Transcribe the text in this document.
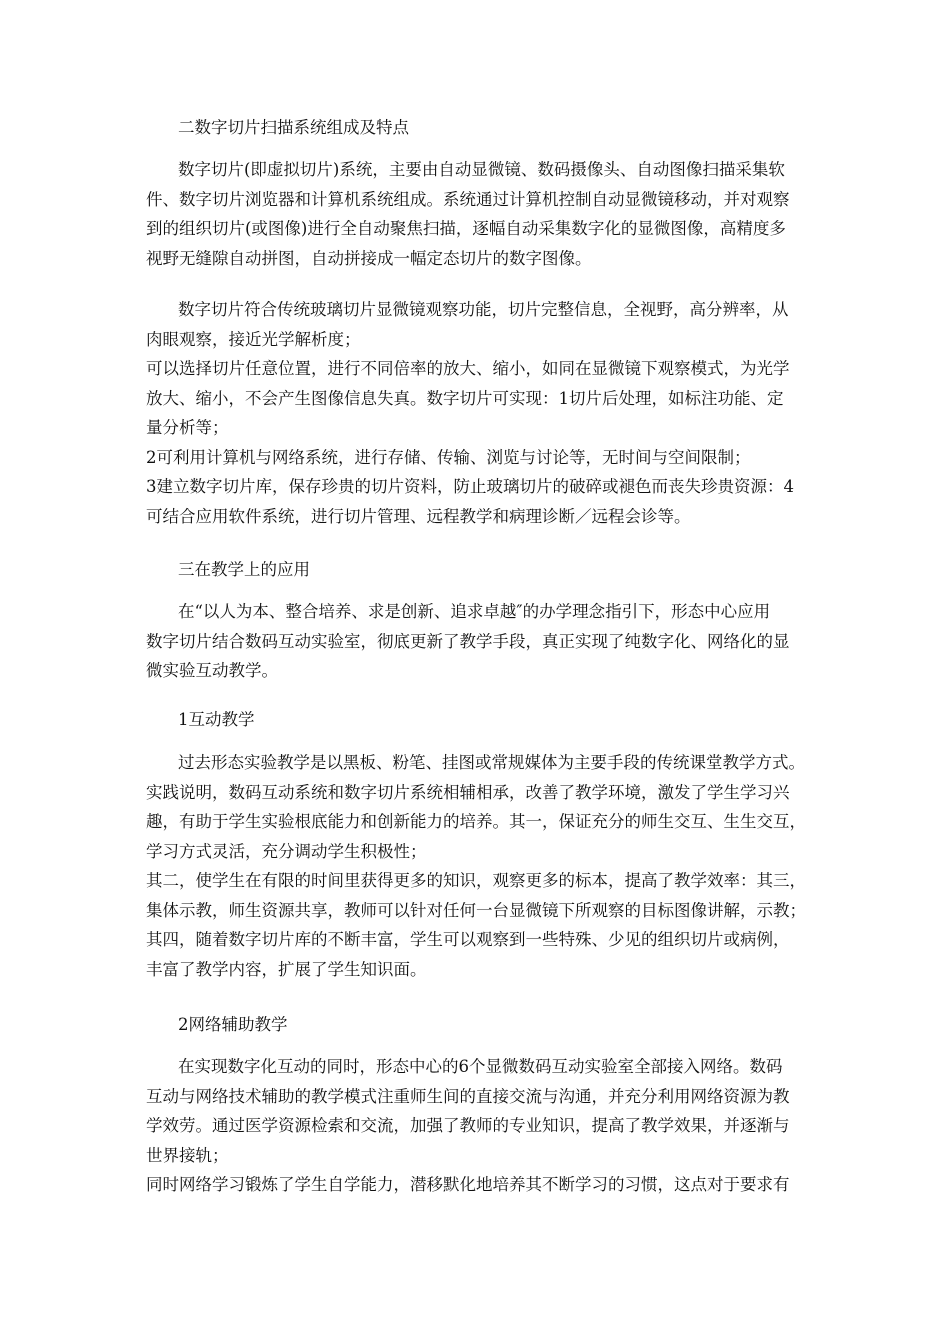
二数字切片扫描系统组成及特点
数字切片(即虚拟切片)系统，主要由自动显微镜、数码摄像头、自动图像扫描采集软
件、数字切片浏览器和计算机系统组成。系统通过计算机控制自动显微镜移动，并对观察
到的组织切片(或图像)进行全自动聚焦扫描，逐幅自动采集数字化的显微图像，高精度多
视野无缝隙自动拼图，自动拼接成一幅定态切片的数字图像。
数字切片符合传统玻璃切片显微镜观察功能，切片完整信息，全视野，高分辨率，从
肉眼观察，接近光学解析度；
可以选择切片任意位置，进行不同倍率的放大、缩小，如同在显微镜下观察模式，为光学
放大、缩小，不会产生图像信息失真。数字切片可实现：1切片后处理，如标注功能、定
量分析等；
2可利用计算机与网络系统，进行存储、传输、浏览与讨论等，无时间与空间限制；
3建立数字切片库，保存珍贵的切片资料，防止玻璃切片的破碎或褪色而丧失珍贵资源：4
可结合应用软件系统，进行切片管理、远程教学和病理诊断／远程会诊等。
三在教学上的应用
在“以人为本、整合培养、求是创新、追求卓越″的办学理念指引下，形态中心应用
数字切片结合数码互动实验室，彻底更新了教学手段，真正实现了纯数字化、网络化的显
微实验互动教学。
1互动教学
过去形态实验教学是以黑板、粉笔、挂图或常规媒体为主要手段的传统课堂教学方式。
实践说明，数码互动系统和数字切片系统相辅相承，改善了教学环境，激发了学生学习兴
趣，有助于学生实验根底能力和创新能力的培养。其一，保证充分的师生交互、生生交互，
学习方式灵活，充分调动学生积极性；
其二，使学生在有限的时间里获得更多的知识，观察更多的标本，提高了教学效率：其三，
集体示教，师生资源共享，教师可以针对任何一台显微镜下所观察的目标图像讲解，示教；
其四，随着数字切片库的不断丰富，学生可以观察到一些特殊、少见的组织切片或病例，
丰富了教学内容，扩展了学生知识面。
2网络辅助教学
在实现数字化互动的同时，形态中心的6个显微数码互动实验室全部接入网络。数码
互动与网络技术辅助的教学模式注重师生间的直接交流与沟通，并充分利用网络资源为教
学效劳。通过医学资源检索和交流，加强了教师的专业知识，提高了教学效果，并逐渐与
世界接轨；
同时网络学习锻炼了学生自学能力，潜移默化地培养其不断学习的习惯，这点对于要求有
